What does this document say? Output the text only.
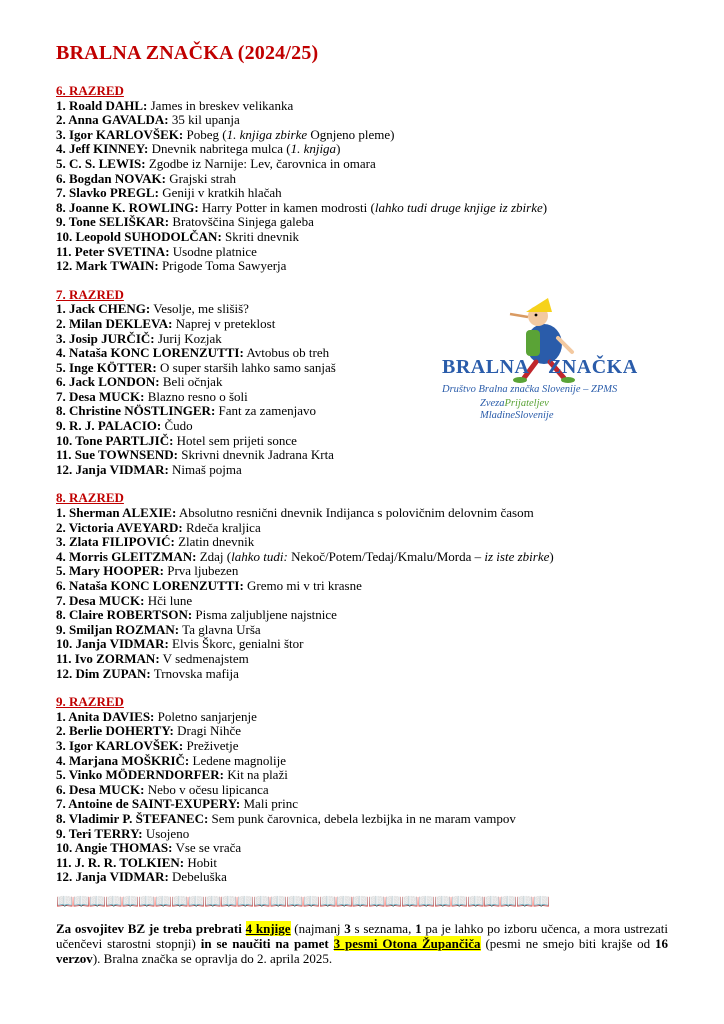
BRALNA ZNAČKA (2024/25)
6. RAZRED
1. Roald DAHL: James in breskev velikanka
2. Anna GAVALDA: 35 kil upanja
3. Igor KARLOVŠEK: Pobeg (1. knjiga zbirke Ognjeno pleme)
4. Jeff KINNEY: Dnevnik nabritega mulca (1. knjiga)
5. C. S. LEWIS: Zgodbe iz Narnije: Lev, čarovnica in omara
6. Bogdan NOVAK: Grajski strah
7. Slavko PREGL: Geniji v kratkih hlačah
8. Joanne K. ROWLING: Harry Potter in kamen modrosti (lahko tudi druge knjige iz zbirke)
9. Tone SELIŠKAR: Bratovščina Sinjega galeba
10. Leopold SUHODOLČAN: Skriti dnevnik
11. Peter SVETINA: Usodne platnice
12. Mark TWAIN: Prigode Toma Sawyerja
7. RAZRED
1. Jack CHENG: Vesolje, me slišiš?
2. Milan DEKLEVA: Naprej v preteklost
3. Josip JURČIČ: Jurij Kozjak
4. Nataša KONC LORENZUTTI: Avtobus ob treh
5. Inge KÖTTER: O super starših lahko samo sanjaš
6. Jack LONDON: Beli očnjak
7. Desa MUCK: Blazno resno o šoli
8. Christine NÖSTLINGER: Fant za zamenjavo
9. R. J. PALACIO: Čudo
10. Tone PARTLJIČ: Hotel sem prijeti sonce
11. Sue TOWNSEND: Skrivni dnevnik Jadrana Krta
12. Janja VIDMAR: Nimaš pojma
8. RAZRED
1. Sherman ALEXIE: Absolutno resnični dnevnik Indijanca s polovičnim delovnim časom
2. Victoria AVEYARD: Rdeča kraljica
3. Zlata FILIPOVIĆ: Zlatin dnevnik
4. Morris GLEITZMAN: Zdaj (lahko tudi: Nekoč/Potem/Tedaj/Kmalu/Morda – iz iste zbirke)
5. Mary HOOPER: Prva ljubezen
6. Nataša KONC LORENZUTTI: Gremo mi v tri krasne
7. Desa MUCK: Hči lune
8. Claire ROBERTSON: Pisma zaljubljene najstnice
9. Smiljan ROZMAN: Ta glavna Urša
10. Janja VIDMAR: Elvis Škorc, genialni štor
11. Ivo ZORMAN: V sedmenajstem
12. Dim ZUPAN: Trnovska mafija
9. RAZRED
1. Anita DAVIES: Poletno sanjarjenje
2. Berlie DOHERTY: Dragi Nihče
3. Igor KARLOVŠEK: Preživetje
4. Marjana MOŠKRIČ: Ledene magnolije
5. Vinko MÖDERNDORFER: Kit na plaži
6. Desa MUCK: Nebo v očesu lipicanca
7. Antoine de SAINT-EXUPERY: Mali princ
8. Vladimir P. ŠTEFANEC: Sem punk čarovnica, debela lezbijka in ne maram vampov
9. Teri TERRY: Usojeno
10. Angie THOMAS: Vse se vrača
11. J. R. R. TOLKIEN: Hobit
12. Janja VIDMAR: Debeluška
📖 📖 📖 📖 📖 📖 📖 📖 📖 📖 📖 📖 📖 📖 📖 📖 📖 📖 📖 📖 📖 📖 📖 📖 📖 📖 📖 📖 📖 📖

Za osvojitev BZ je treba prebrati 4 knjige (najmanj 3 s seznama, 1 pa je lahko po izboru učenca, a mora ustrezati učenčevi starostni stopnji) in se naučiti na pamet 3 pesmi Otona Župančiča (pesmi ne smejo biti krajše od 16 verzov). Bralna značka se opravlja do 2. aprila 2025.

BRALNA ZNAČKA
Društvo Bralna značka Slovenije – ZPMS
ZvezaPrijateljev
MladineSlovenije
